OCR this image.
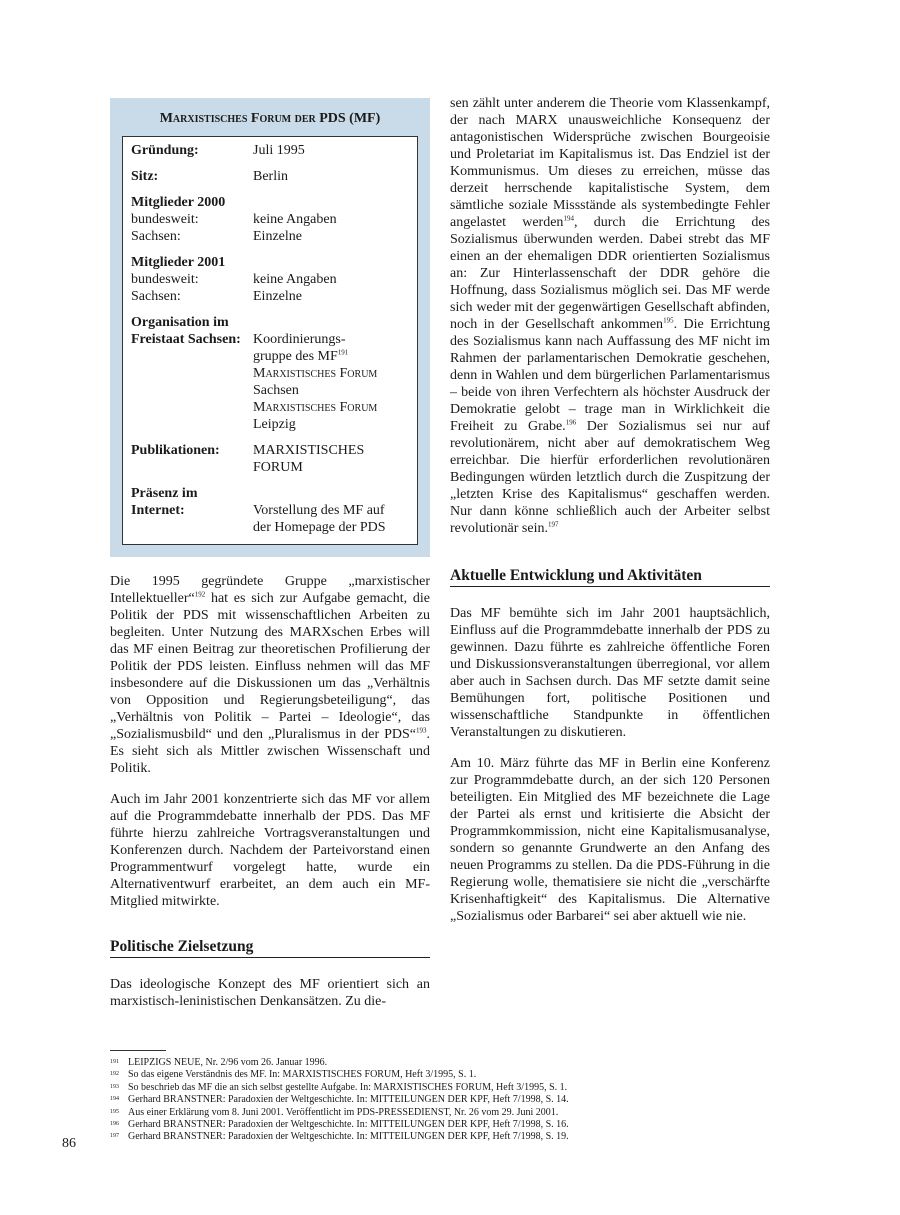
Marxistisches Forum der PDS (MF)
Gründung:	Juli 1995
Sitz:	Berlin
Mitglieder 2000
bundesweit:	keine Angaben
Sachsen:	Einzelne
Mitglieder 2001
bundesweit:	keine Angaben
Sachsen:	Einzelne
Organisation im
Freistaat Sachsen: Koordinierungs-
gruppe des MF$^{191}$
Marxistisches Forum
Sachsen
Marxistisches Forum
Leipzig
Publikationen:	MARXISTISCHES
FORUM
Präsenz im
Internet:	Vorstellung des MF auf
der Homepage der PDS

Die 1995 gegründete Gruppe „marxistischer Intellektueller“$^{192}$ hat es sich zur Aufgabe gemacht, die Politik der PDS mit wissenschaftlichen Arbeiten zu begleiten. Unter Nutzung des MARXschen Erbes will das MF einen Beitrag zur theoretischen Profilierung der Politik der PDS leisten. Einfluss nehmen will das MF insbesondere auf die Diskussionen um das „Verhältnis von Opposition und Regierungsbeteiligung“, das „Verhältnis von Politik – Partei – Ideologie“, das „Sozialismusbild“ und den „Pluralismus in der PDS“$^{193}$. Es sieht sich als Mittler zwischen Wissenschaft und Politik.

Auch im Jahr 2001 konzentrierte sich das MF vor allem auf die Programmdebatte innerhalb der PDS. Das MF führte hierzu zahlreiche Vortragsveranstaltungen und Konferenzen durch. Nachdem der Parteivorstand einen Programmentwurf vorgelegt hatte, wurde ein Alternativentwurf erarbeitet, an dem auch ein MF-Mitglied mitwirkte.

Politische Zielsetzung

Das ideologische Konzept des MF orientiert sich an marxistisch-leninistischen Denkansätzen. Zu die-

sen zählt unter anderem die Theorie vom Klassenkampf, der nach MARX unausweichliche Konsequenz der antagonistischen Widersprüche zwischen Bourgeoisie und Proletariat im Kapitalismus ist. Das Endziel ist der Kommunismus. Um dieses zu erreichen, müsse das derzeit herrschende kapitalistische System, dem sämtliche soziale Missstände als systembedingte Fehler angelastet werden$^{194}$, durch die Errichtung des Sozialismus überwunden werden. Dabei strebt das MF einen an der ehemaligen DDR orientierten Sozialismus an: Zur Hinterlassenschaft der DDR gehöre die Hoffnung, dass Sozialismus möglich sei. Das MF werde sich weder mit der gegenwärtigen Gesellschaft abfinden, noch in der Gesellschaft ankommen$^{195}$. Die Errichtung des Sozialismus kann nach Auffassung des MF nicht im Rahmen der parlamentarischen Demokratie geschehen, denn in Wahlen und dem bürgerlichen Parlamentarismus – beide von ihren Verfechtern als höchster Ausdruck der Demokratie gelobt – trage man in Wirklichkeit die Freiheit zu Grabe.$^{196}$ Der Sozialismus sei nur auf revolutionärem, nicht aber auf demokratischem Weg erreichbar. Die hierfür erforderlichen revolutionären Bedingungen würden letztlich durch die Zuspitzung der „letzten Krise des Kapitalismus“ geschaffen werden. Nur dann könne schließlich auch der Arbeiter selbst revolutionär sein.$^{197}$

Aktuelle Entwicklung und Aktivitäten

Das MF bemühte sich im Jahr 2001 hauptsächlich, Einfluss auf die Programmdebatte innerhalb der PDS zu gewinnen. Dazu führte es zahlreiche öffentliche Foren und Diskussionsveranstaltungen überregional, vor allem aber auch in Sachsen durch. Das MF setzte damit seine Bemühungen fort, politische Positionen und wissenschaftliche Standpunkte in öffentlichen Veranstaltungen zu diskutieren.

Am 10. März führte das MF in Berlin eine Konferenz zur Programmdebatte durch, an der sich 120 Personen beteiligten. Ein Mitglied des MF bezeichnete die Lage der Partei als ernst und kritisierte die Absicht der Programmkommission, nicht eine Kapitalismusanalyse, sondern so genannte Grundwerte an den Anfang des neuen Programms zu stellen. Da die PDS-Führung in die Regierung wolle, thematisiere sie nicht die „verschärfte Krisenhaftigkeit“ des Kapitalismus. Die Alternative „Sozialismus oder Barbarei“ sei aber aktuell wie nie.

191 LEIPZIGS NEUE, Nr. 2/96 vom 26. Januar 1996.
192 So das eigene Verständnis des MF. In: MARXISTISCHES FORUM, Heft 3/1995, S. 1.
193 So beschrieb das MF die an sich selbst gestellte Aufgabe. In: MARXISTISCHES FORUM, Heft 3/1995, S. 1.
194 Gerhard BRANSTNER: Paradoxien der Weltgeschichte. In: MITTEILUNGEN DER KPF, Heft 7/1998, S. 14.
195 Aus einer Erklärung vom 8. Juni 2001. Veröffentlicht im PDS-PRESSEDIENST, Nr. 26 vom 29. Juni 2001.
196 Gerhard BRANSTNER: Paradoxien der Weltgeschichte. In: MITTEILUNGEN DER KPF, Heft 7/1998, S. 16.
197 Gerhard BRANSTNER: Paradoxien der Weltgeschichte. In: MITTEILUNGEN DER KPF, Heft 7/1998, S. 19.
86
